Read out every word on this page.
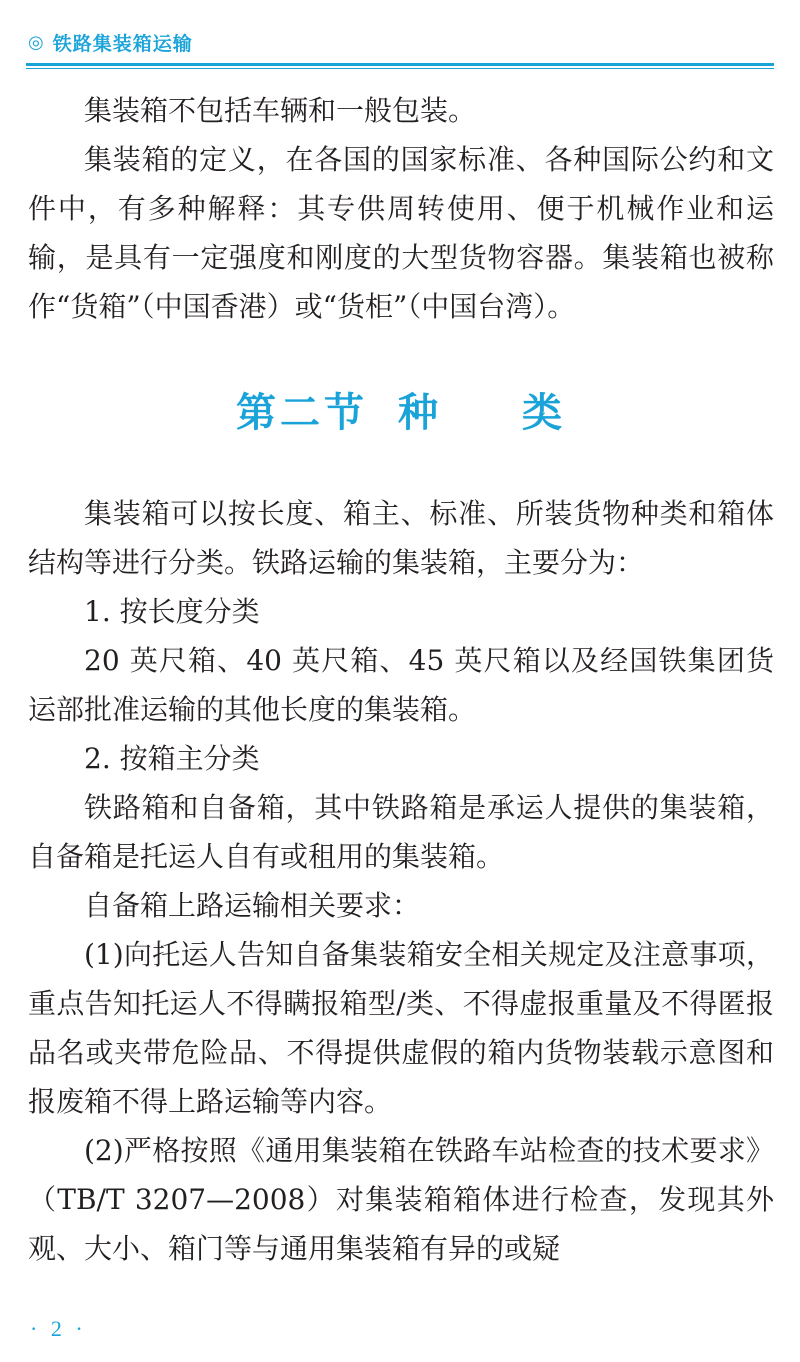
◎ 铁路集装箱运输

集装箱不包括车辆和一般包装。

集装箱的定义，在各国的国家标准、各种国际公约和文件中，有多种解释：其专供周转使用、便于机械作业和运输，是具有一定强度和刚度的大型货物容器。集装箱也被称作“货箱”（中国香港）或“货柜”（中国台湾）。

第二节 种 类

集装箱可以按长度、箱主、标准、所装货物种类和箱体结构等进行分类。铁路运输的集装箱，主要分为：

1. 按长度分类

20 英尺箱、40 英尺箱、45 英尺箱以及经国铁集团货运部批准运输的其他长度的集装箱。

2. 按箱主分类

铁路箱和自备箱，其中铁路箱是承运人提供的集装箱，自备箱是托运人自有或租用的集装箱。

自备箱上路运输相关要求：

(1)向托运人告知自备集装箱安全相关规定及注意事项，重点告知托运人不得瞒报箱型/类、不得虚报重量及不得匿报品名或夹带危险品、不得提供虚假的箱内货物装载示意图和报废箱不得上路运输等内容。

(2)严格按照《通用集装箱在铁路车站检查的技术要求》（TB/T 3207—2008）对集装箱箱体进行检查，发现其外观、大小、箱门等与通用集装箱有异的或疑

· 2 ·
